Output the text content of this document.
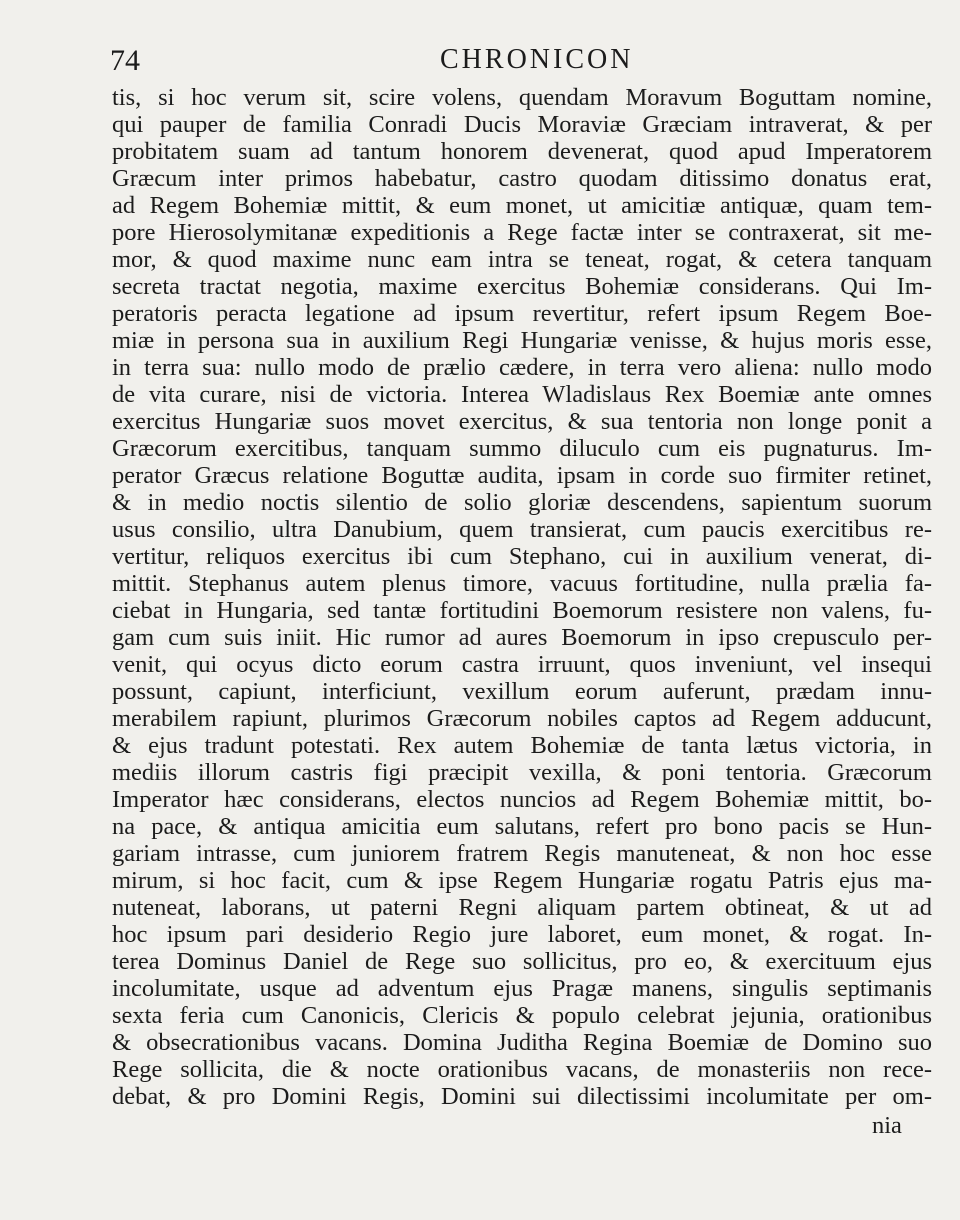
74	CHRONICON
tis, si hoc verum sit, scire volens, quendam Moravum Boguttam nomine,
qui pauper de familia Conradi Ducis Moraviæ Græciam intraverat, & per
probitatem suam ad tantum honorem devenerat, quod apud Imperatorem
Græcum inter primos habebatur, castro quodam ditissimo donatus erat,
ad Regem Bohemiæ mittit, & eum monet, ut amicitiæ antiquæ, quam tem-
pore Hierosolymitanæ expeditionis a Rege factæ inter se contraxerat, sit me-
mor, & quod maxime nunc eam intra se teneat, rogat, & cetera tanquam
secreta tractat negotia, maxime exercitus Bohemiæ considerans. Qui Im-
peratoris peracta legatione ad ipsum revertitur, refert ipsum Regem Boe-
miæ in persona sua in auxilium Regi Hungariæ venisse, & hujus moris esse,
in terra sua: nullo modo de prælio cædere, in terra vero aliena: nullo modo
de vita curare, nisi de victoria. Interea Wladislaus Rex Boemiæ ante omnes
exercitus Hungariæ suos movet exercitus, & sua tentoria non longe ponit a
Græcorum exercitibus, tanquam summo diluculo cum eis pugnaturus. Im-
perator Græcus relatione Boguttæ audita, ipsam in corde suo firmiter retinet,
& in medio noctis silentio de solio gloriæ descendens, sapientum suorum
usus consilio, ultra Danubium, quem transierat, cum paucis exercitibus re-
vertitur, reliquos exercitus ibi cum Stephano, cui in auxilium venerat, di-
mittit. Stephanus autem plenus timore, vacuus fortitudine, nulla prælia fa-
ciebat in Hungaria, sed tantæ fortitudini Boemorum resistere non valens, fu-
gam cum suis iniit. Hic rumor ad aures Boemorum in ipso crepusculo per-
venit, qui ocyus dicto eorum castra irruunt, quos inveniunt, vel insequi
possunt, capiunt, interficiunt, vexillum eorum auferunt, prædam innu-
merabilem rapiunt, plurimos Græcorum nobiles captos ad Regem adducunt,
& ejus tradunt potestati. Rex autem Bohemiæ de tanta lætus victoria, in
mediis illorum castris figi præcipit vexilla, & poni tentoria. Græcorum
Imperator hæc considerans, electos nuncios ad Regem Bohemiæ mittit, bo-
na pace, & antiqua amicitia eum salutans, refert pro bono pacis se Hun-
gariam intrasse, cum juniorem fratrem Regis manuteneat, & non hoc esse
mirum, si hoc facit, cum & ipse Regem Hungariæ rogatu Patris ejus ma-
nuteneat, laborans, ut paterni Regni aliquam partem obtineat, & ut ad
hoc ipsum pari desiderio Regio jure laboret, eum monet, & rogat. In-
terea Dominus Daniel de Rege suo sollicitus, pro eo, & exercituum ejus
incolumitate, usque ad adventum ejus Pragæ manens, singulis septimanis
sexta feria cum Canonicis, Clericis & populo celebrat jejunia, orationibus
& obsecrationibus vacans. Domina Juditha Regina Boemiæ de Domino suo
Rege sollicita, die & nocte orationibus vacans, de monasteriis non rece-
debat, & pro Domini Regis, Domini sui dilectissimi incolumitate per om-
nia
